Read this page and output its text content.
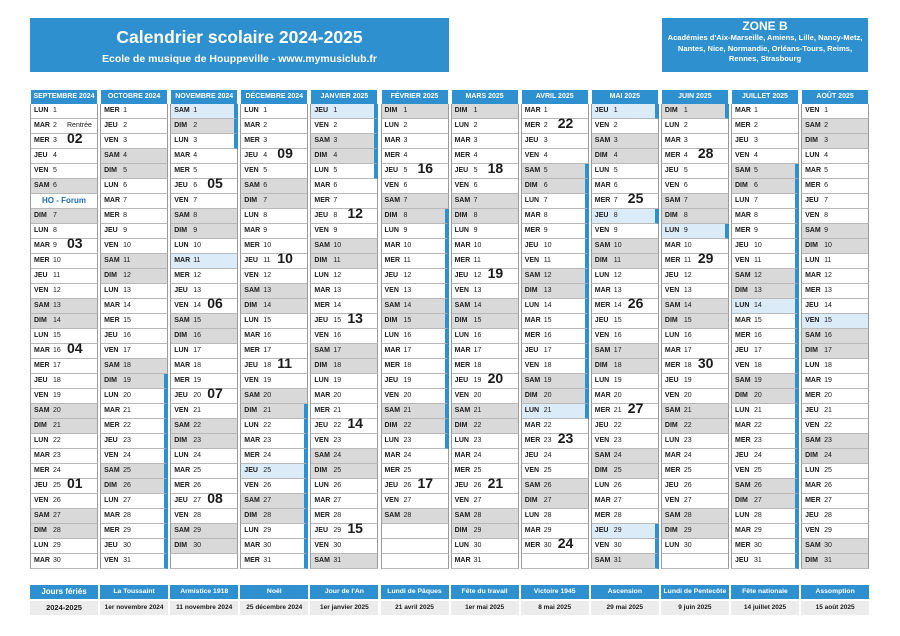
Calendrier scolaire 2024-2025
Ecole de musique de Houppeville - www.mymusiclub.fr
ZONE B
Académies d'Aix-Marseille, Amiens, Lille, Nancy-Metz, Nantes, Nice, Normandie, Orléans-Tours, Reims, Rennes, Strasbourg
SEPTEMBRE 2024
LUN 1
MAR 2 Rentrée
MER 3 02
JEU 4
VEN 5
SAM 6
HO - Forum
DIM 7
LUN 8
MAR 9 03
MER 10
JEU 11
VEN 12
SAM 13
DIM 14
LUN 15
MAR 16 04
MER 17
JEU 18
VEN 19
SAM 20
DIM 21
LUN 22
MAR 23
MER 24
JEU 25 01
VEN 26
SAM 27
DIM 28
LUN 29
MAR 30
OCTOBRE 2024
MER 1
JEU 2
VEN 3
SAM 4
DIM 5
LUN 6
MAR 7
MER 8
JEU 9
VEN 10
SAM 11
DIM 12
LUN 13
MAR 14
MER 15
JEU 16
VEN 17
SAM 18
DIM 19
LUN 20
MAR 21
MER 22
JEU 23
VEN 24
SAM 25
DIM 26
LUN 27
MAR 28
MER 29
JEU 30
VEN 31
NOVEMBRE 2024
SAM 1
DIM 2
LUN 3
MAR 4
MER 5
JEU 6 05
VEN 7
SAM 8
DIM 9
LUN 10
MAR 11
MER 12
JEU 13
VEN 14 06
SAM 15
DIM 16
LUN 17
MAR 18
MER 19
JEU 20 07
VEN 21
SAM 22
DIM 23
LUN 24
MAR 25
MER 26
JEU 27 08
VEN 28
SAM 29
DIM 30
DÉCEMBRE 2024
LUN 1
MAR 2
MER 3
JEU 4 09
VEN 5
SAM 6
DIM 7
LUN 8
MAR 9
MER 10
JEU 11 10
VEN 12
SAM 13
DIM 14
LUN 15
MAR 16
MER 17
JEU 18 11
VEN 19
SAM 20
DIM 21
LUN 22
MAR 23
MER 24
JEU 25
VEN 26
SAM 27
DIM 28
LUN 29
MAR 30
MER 31
JANVIER 2025
JEU 1
VEN 2
SAM 3
DIM 4
LUN 5
MAR 6
MER 7
JEU 8 12
VEN 9
SAM 10
DIM 11
LUN 12
MAR 13
MER 14
JEU 15 13
VEN 16
SAM 17
DIM 18
LUN 19
MAR 20
MER 21
JEU 22 14
VEN 23
SAM 24
DIM 25
LUN 26
MAR 27
MER 28
JEU 29 15
VEN 30
SAM 31
FÉVRIER 2025
DIM 1
LUN 2
MAR 3
MER 4
JEU 5 16
VEN 6
SAM 7
DIM 8
LUN 9
MAR 10
MER 11
JEU 12
VEN 13
SAM 14
DIM 15
LUN 16
MAR 17
MER 18
JEU 19
VEN 20
SAM 21
DIM 22
LUN 23
MAR 24
MER 25
JEU 26 17
VEN 27
SAM 28
MARS 2025
DIM 1
LUN 2
MAR 3
MER 4
JEU 5 18
VEN 6
SAM 7
DIM 8
LUN 9
MAR 10
MER 11
JEU 12 19
VEN 13
SAM 14
DIM 15
LUN 16
MAR 17
MER 18
JEU 19 20
VEN 20
SAM 21
DIM 22
LUN 23
MAR 24
MER 25
JEU 26 21
VEN 27
SAM 28
DIM 29
LUN 30
MAR 31
AVRIL 2025
MAR 1
MER 2 22
JEU 3
VEN 4
SAM 5
DIM 6
LUN 7
MAR 8
MER 9
JEU 10
VEN 11
SAM 12
DIM 13
LUN 14
MAR 15
MER 16
JEU 17
VEN 18
SAM 19
DIM 20
LUN 21
MAR 22
MER 23 23
JEU 24
VEN 25
SAM 26
DIM 27
LUN 28
MAR 29
MER 30 24
MAI 2025
JEU 1
VEN 2
SAM 3
DIM 4
LUN 5
MAR 6
MER 7 25
JEU 8
VEN 9
SAM 10
DIM 11
LUN 12
MAR 13
MER 14 26
JEU 15
VEN 16
SAM 17
DIM 18
LUN 19
MAR 20
MER 21 27
JEU 22
VEN 23
SAM 24
DIM 25
LUN 26
MAR 27
MER 28
JEU 29
VEN 30
SAM 31
JUIN 2025
DIM 1
LUN 2
MAR 3
MER 4 28
JEU 5
VEN 6
SAM 7
DIM 8
LUN 9
MAR 10
MER 11 29
JEU 12
VEN 13
SAM 14
DIM 15
LUN 16
MAR 17
MER 18 30
JEU 19
VEN 20
SAM 21
DIM 22
LUN 23
MAR 24
MER 25
JEU 26
VEN 27
SAM 28
DIM 29
LUN 30
JUILLET 2025
MAR 1
MER 2
JEU 3
VEN 4
SAM 5
DIM 6
LUN 7
MAR 8
MER 9
JEU 10
VEN 11
SAM 12
DIM 13
LUN 14
MAR 15
MER 16
JEU 17
VEN 18
SAM 19
DIM 20
LUN 21
MAR 22
MER 23
JEU 24
VEN 25
SAM 26
DIM 27
LUN 28
MAR 29
MER 30
JEU 31
AOÛT 2025
VEN 1
SAM 2
DIM 3
LUN 4
MAR 5
MER 6
JEU 7
VEN 8
SAM 9
DIM 10
LUN 11
MAR 12
MER 13
JEU 14
VEN 15
SAM 16
DIM 17
LUN 18
MAR 19
MER 20
JEU 21
VEN 22
SAM 23
DIM 24
LUN 25
MAR 26
MER 27
JEU 28
VEN 29
SAM 30
DIM 31
Jours fériés
2024-2025
La Toussaint
1er novembre 2024
Armistice 1918
11 novembre 2024
Noël
25 décembre 2024
Jour de l'An
1er janvier 2025
Lundi de Pâques
21 avril 2025
Fête du travail
1er mai 2025
Victoire 1945
8 mai 2025
Ascension
29 mai 2025
Lundi de Pentecôte
9 juin 2025
Fête nationale
14 juillet 2025
Assomption
15 août 2025
